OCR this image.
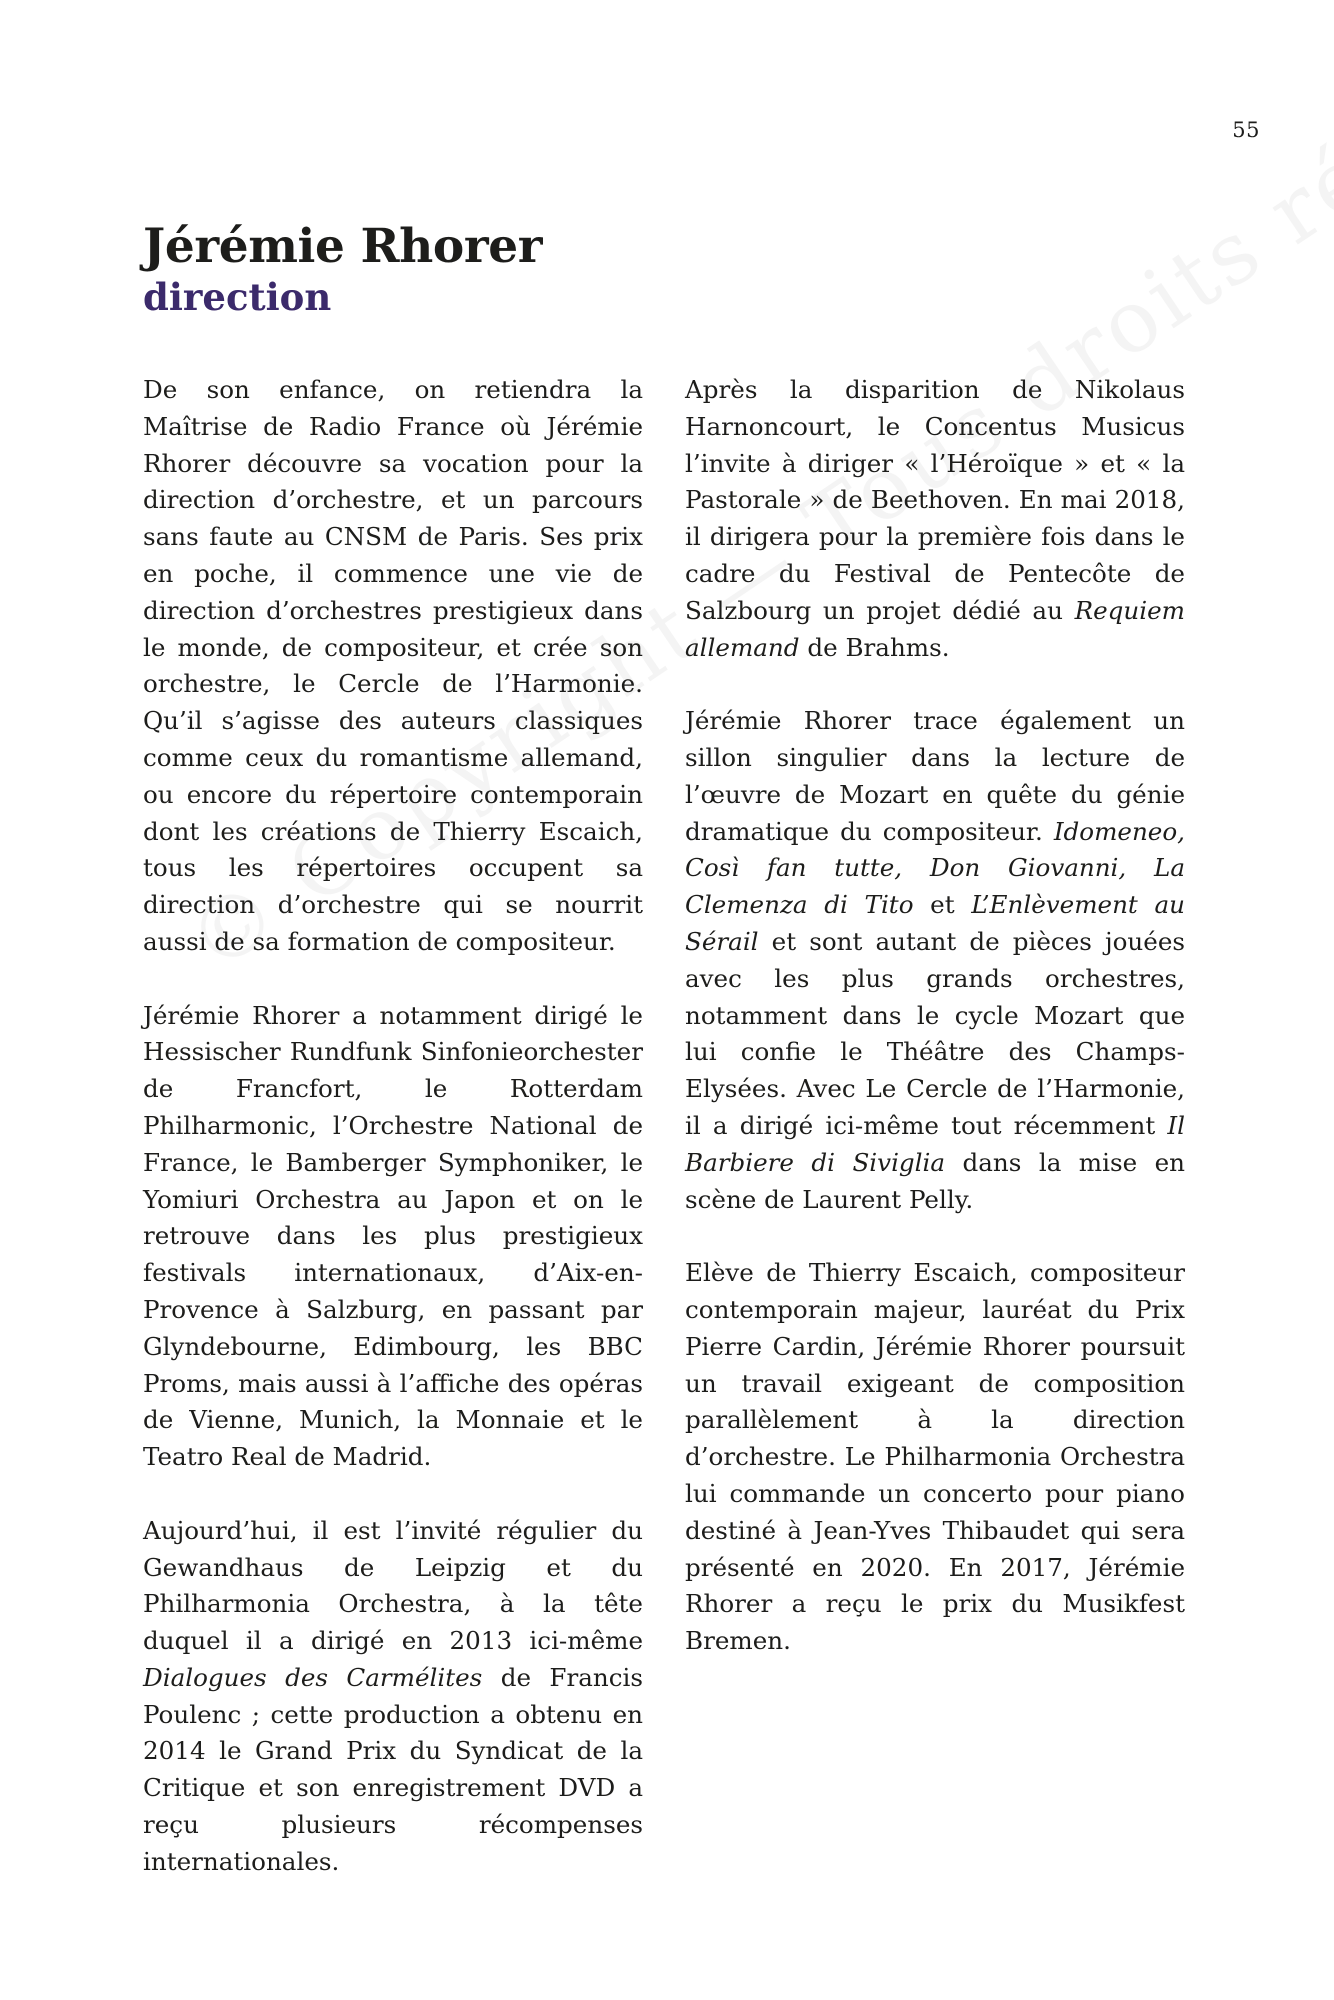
55
Jérémie Rhorer
direction

De son enfance, on retiendra la Maîtrise de Radio France où Jérémie Rhorer découvre sa vocation pour la direction d’orchestre, et un parcours sans faute au CNSM de Paris. Ses prix en poche, il commence une vie de direction d’orchestres prestigieux dans le monde, de compositeur, et crée son orchestre, le Cercle de l’Harmonie. Qu’il s’agisse des auteurs classiques comme ceux du romantisme allemand, ou encore du répertoire contemporain dont les créations de Thierry Escaich, tous les répertoires occupent sa direction d’orchestre qui se nourrit aussi de sa formation de compositeur.

Jérémie Rhorer a notamment dirigé le Hessischer Rundfunk Sinfonieorchester de Francfort, le Rotterdam Philharmonic, l’Orchestre National de France, le Bamberger Symphoniker, le Yomiuri Orchestra au Japon et on le retrouve dans les plus prestigieux festivals internationaux, d’Aix-en-Provence à Salzburg, en passant par Glyndebourne, Edimbourg, les BBC Proms, mais aussi à l’affiche des opéras de Vienne, Munich, la Monnaie et le Teatro Real de Madrid.

Aujourd’hui, il est l’invité régulier du Gewandhaus de Leipzig et du Philharmonia Orchestra, à la tête duquel il a dirigé en 2013 ici-même Dialogues des Carmélites de Francis Poulenc ; cette production a obtenu en 2014 le Grand Prix du Syndicat de la Critique et son enregistrement DVD a reçu plusieurs récompenses internationales.

Après la disparition de Nikolaus Harnoncourt, le Concentus Musicus l’invite à diriger « l’Héroïque » et « la Pastorale » de Beethoven. En mai 2018, il dirigera pour la première fois dans le cadre du Festival de Pentecôte de Salzbourg un projet dédié au Requiem allemand de Brahms.

Jérémie Rhorer trace également un sillon singulier dans la lecture de l’œuvre de Mozart en quête du génie dramatique du compositeur. Idomeneo, Così fan tutte, Don Giovanni, La Clemenza di Tito et L’Enlèvement au Sérail et sont autant de pièces jouées avec les plus grands orchestres, notamment dans le cycle Mozart que lui confie le Théâtre des Champs-Elysées. Avec Le Cercle de l’Harmonie, il a dirigé ici-même tout récemment Il Barbiere di Siviglia dans la mise en scène de Laurent Pelly.

Elève de Thierry Escaich, compositeur contemporain majeur, lauréat du Prix Pierre Cardin, Jérémie Rhorer poursuit un travail exigeant de composition parallèlement à la direction d’orchestre. Le Philharmonia Orchestra lui commande un concerto pour piano destiné à Jean-Yves Thibaudet qui sera présenté en 2020. En 2017, Jérémie Rhorer a reçu le prix du Musikfest Bremen.
